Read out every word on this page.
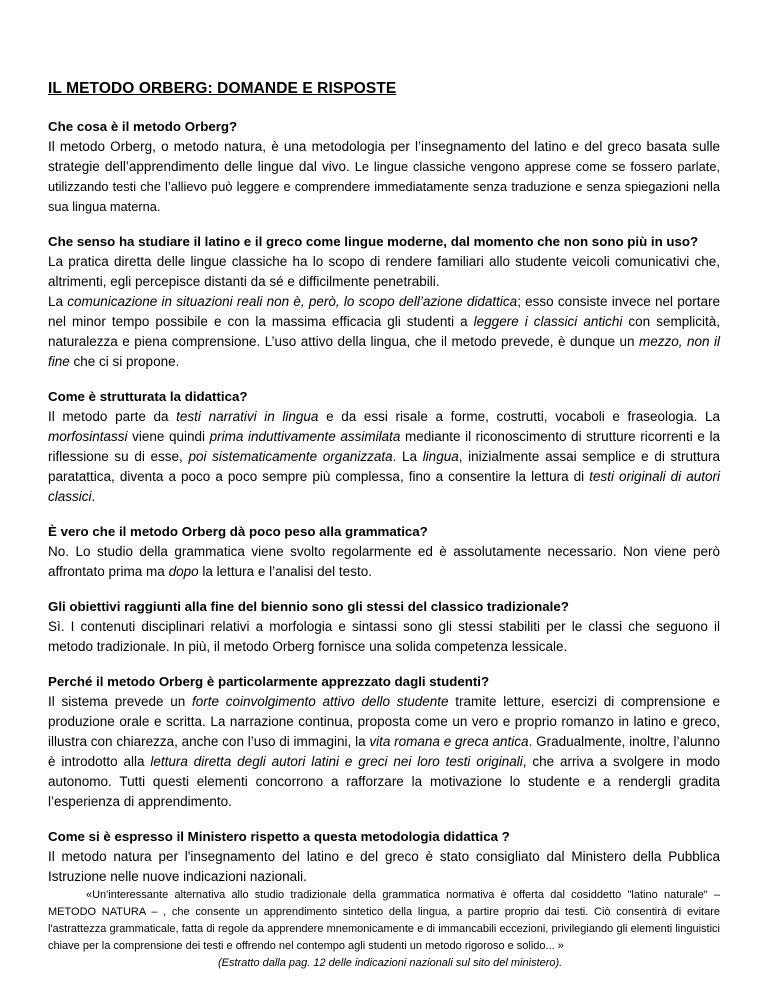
IL METODO ORBERG: DOMANDE E RISPOSTE
Che cosa è il metodo Orberg?
Il metodo Orberg, o metodo natura, è una metodologia per l’insegnamento del latino e del greco basata sulle strategie dell’apprendimento delle lingue dal vivo. Le lingue classiche vengono apprese come se fossero parlate, utilizzando testi che l’allievo può leggere e comprendere immediatamente senza traduzione e senza spiegazioni nella sua lingua materna.
Che senso ha studiare il latino e il greco come lingue moderne, dal momento che non sono più in uso?
La pratica diretta delle lingue classiche ha lo scopo di rendere familiari allo studente veicoli comunicativi che, altrimenti, egli percepisce distanti da sé e difficilmente penetrabili.
La comunicazione in situazioni reali non è, però, lo scopo dell’azione didattica; esso consiste invece nel portare nel minor tempo possibile e con la massima efficacia gli studenti a leggere i classici antichi con semplicità, naturalezza e piena comprensione. L’uso attivo della lingua, che il metodo prevede, è dunque un mezzo, non il fine che ci si propone.
Come è strutturata la didattica?
Il metodo parte da testi narrativi in lingua e da essi risale a forme, costrutti, vocaboli e fraseologia. La morfosintassi viene quindi prima induttivamente assimilata mediante il riconoscimento di strutture ricorrenti e la riflessione su di esse, poi sistematicamente organizzata. La lingua, inizialmente assai semplice e di struttura paratattica, diventa a poco a poco sempre più complessa, fino a consentire la lettura di testi originali di autori classici.
È vero che il metodo Orberg dà poco peso alla grammatica?
No. Lo studio della grammatica viene svolto regolarmente ed è assolutamente necessario. Non viene però affrontato prima ma dopo la lettura e l’analisi del testo.
Gli obiettivi raggiunti alla fine del biennio sono gli stessi del classico tradizionale?
Sì. I contenuti disciplinari relativi a morfologia e sintassi sono gli stessi stabiliti per le classi che seguono il metodo tradizionale. In più, il metodo Orberg fornisce una solida competenza lessicale.
Perché il metodo Orberg è particolarmente apprezzato dagli studenti?
Il sistema prevede un forte coinvolgimento attivo dello studente tramite letture, esercizi di comprensione e produzione orale e scritta. La narrazione continua, proposta come un vero e proprio romanzo in latino e greco, illustra con chiarezza, anche con l’uso di immagini, la vita romana e greca antica. Gradualmente, inoltre, l’alunno è introdotto alla lettura diretta degli autori latini e greci nei loro testi originali, che arriva a svolgere in modo autonomo. Tutti questi elementi concorrono a rafforzare la motivazione lo studente e a rendergli gradita l’esperienza di apprendimento.
Come si è espresso il Ministero rispetto a questa metodologia didattica ?
Il metodo natura per l'insegnamento del latino e del greco è stato consigliato dal Ministero della Pubblica Istruzione nelle nuove indicazioni nazionali.
«Un'interessante alternativa allo studio tradizionale della grammatica normativa è offerta dal cosiddetto "latino naturale" – METODO NATURA – , che consente un apprendimento sintetico della lingua, a partire proprio dai testi. Ciò consentirà di evitare l'astrattezza grammaticale, fatta di regole da apprendere mnemonicamente e di immancabili eccezioni, privilegiando gli elementi linguistici chiave per la comprensione dei testi e offrendo nel contempo agli studenti un metodo rigoroso e solido... »
(Estratto dalla pag. 12 delle indicazioni nazionali sul sito del ministero).
